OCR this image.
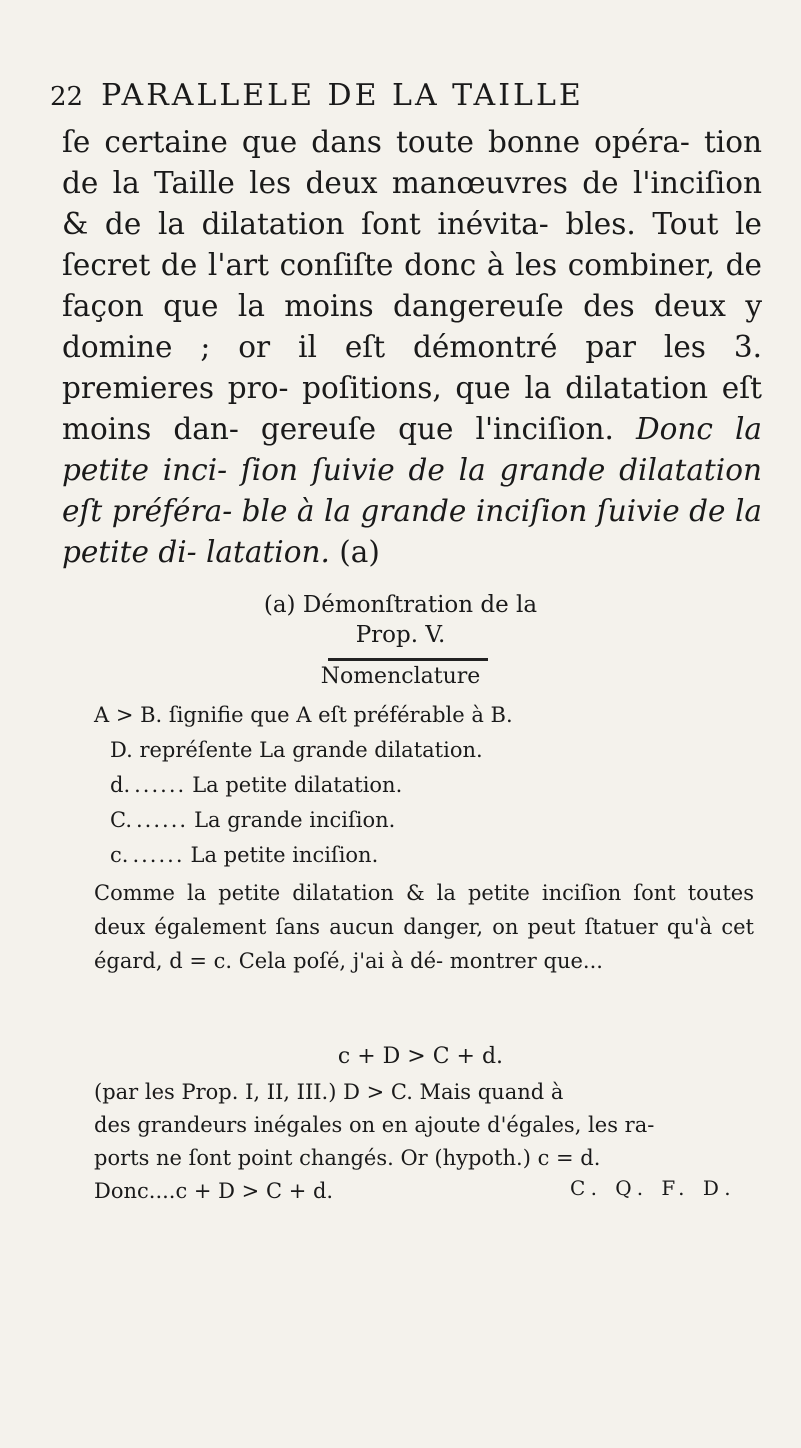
22 PARALLELE DE LA TAILLE
ſe certaine que dans toute bonne opéra- tion de la Taille les deux manœuvres de l'inciſion & de la dilatation ſont inévita- bles. Tout le ſecret de l'art conſiſte donc à les combiner, de façon que la moins dangereuſe des deux y domine ; or il eſt démontré par les 3. premieres pro- poſitions, que la dilatation eſt moins dan- gereuſe que l'inciſion. Donc la petite inci- ſion ſuivie de la grande dilatation eſt préféra- ble à la grande inciſion ſuivie de la petite di- latation. (a)
(a) Démonſtration de la
Prop. V.
Nomenclature
A > B.
ſignifie que A eſt préférable à B.
D.
repréſente La grande dilatation.
d. ...... La petite dilatation.
C. ...... La grande inciſion.
c. ...... La petite inciſion.
Comme la petite dilatation & la petite inciſion ſont toutes deux également ſans aucun danger, on peut ſtatuer qu'à cet égard, d = c. Cela poſé, j'ai à dé- montrer que...
c + D > C + d.
(par les Prop. I, II, III.) D > C. Mais quand à
des grandeurs inégales on en ajoute d'égales, les ra-
ports ne ſont point changés. Or (hypoth.) c = d.
Donc....c + D > C + d.	C. Q. F. D.
